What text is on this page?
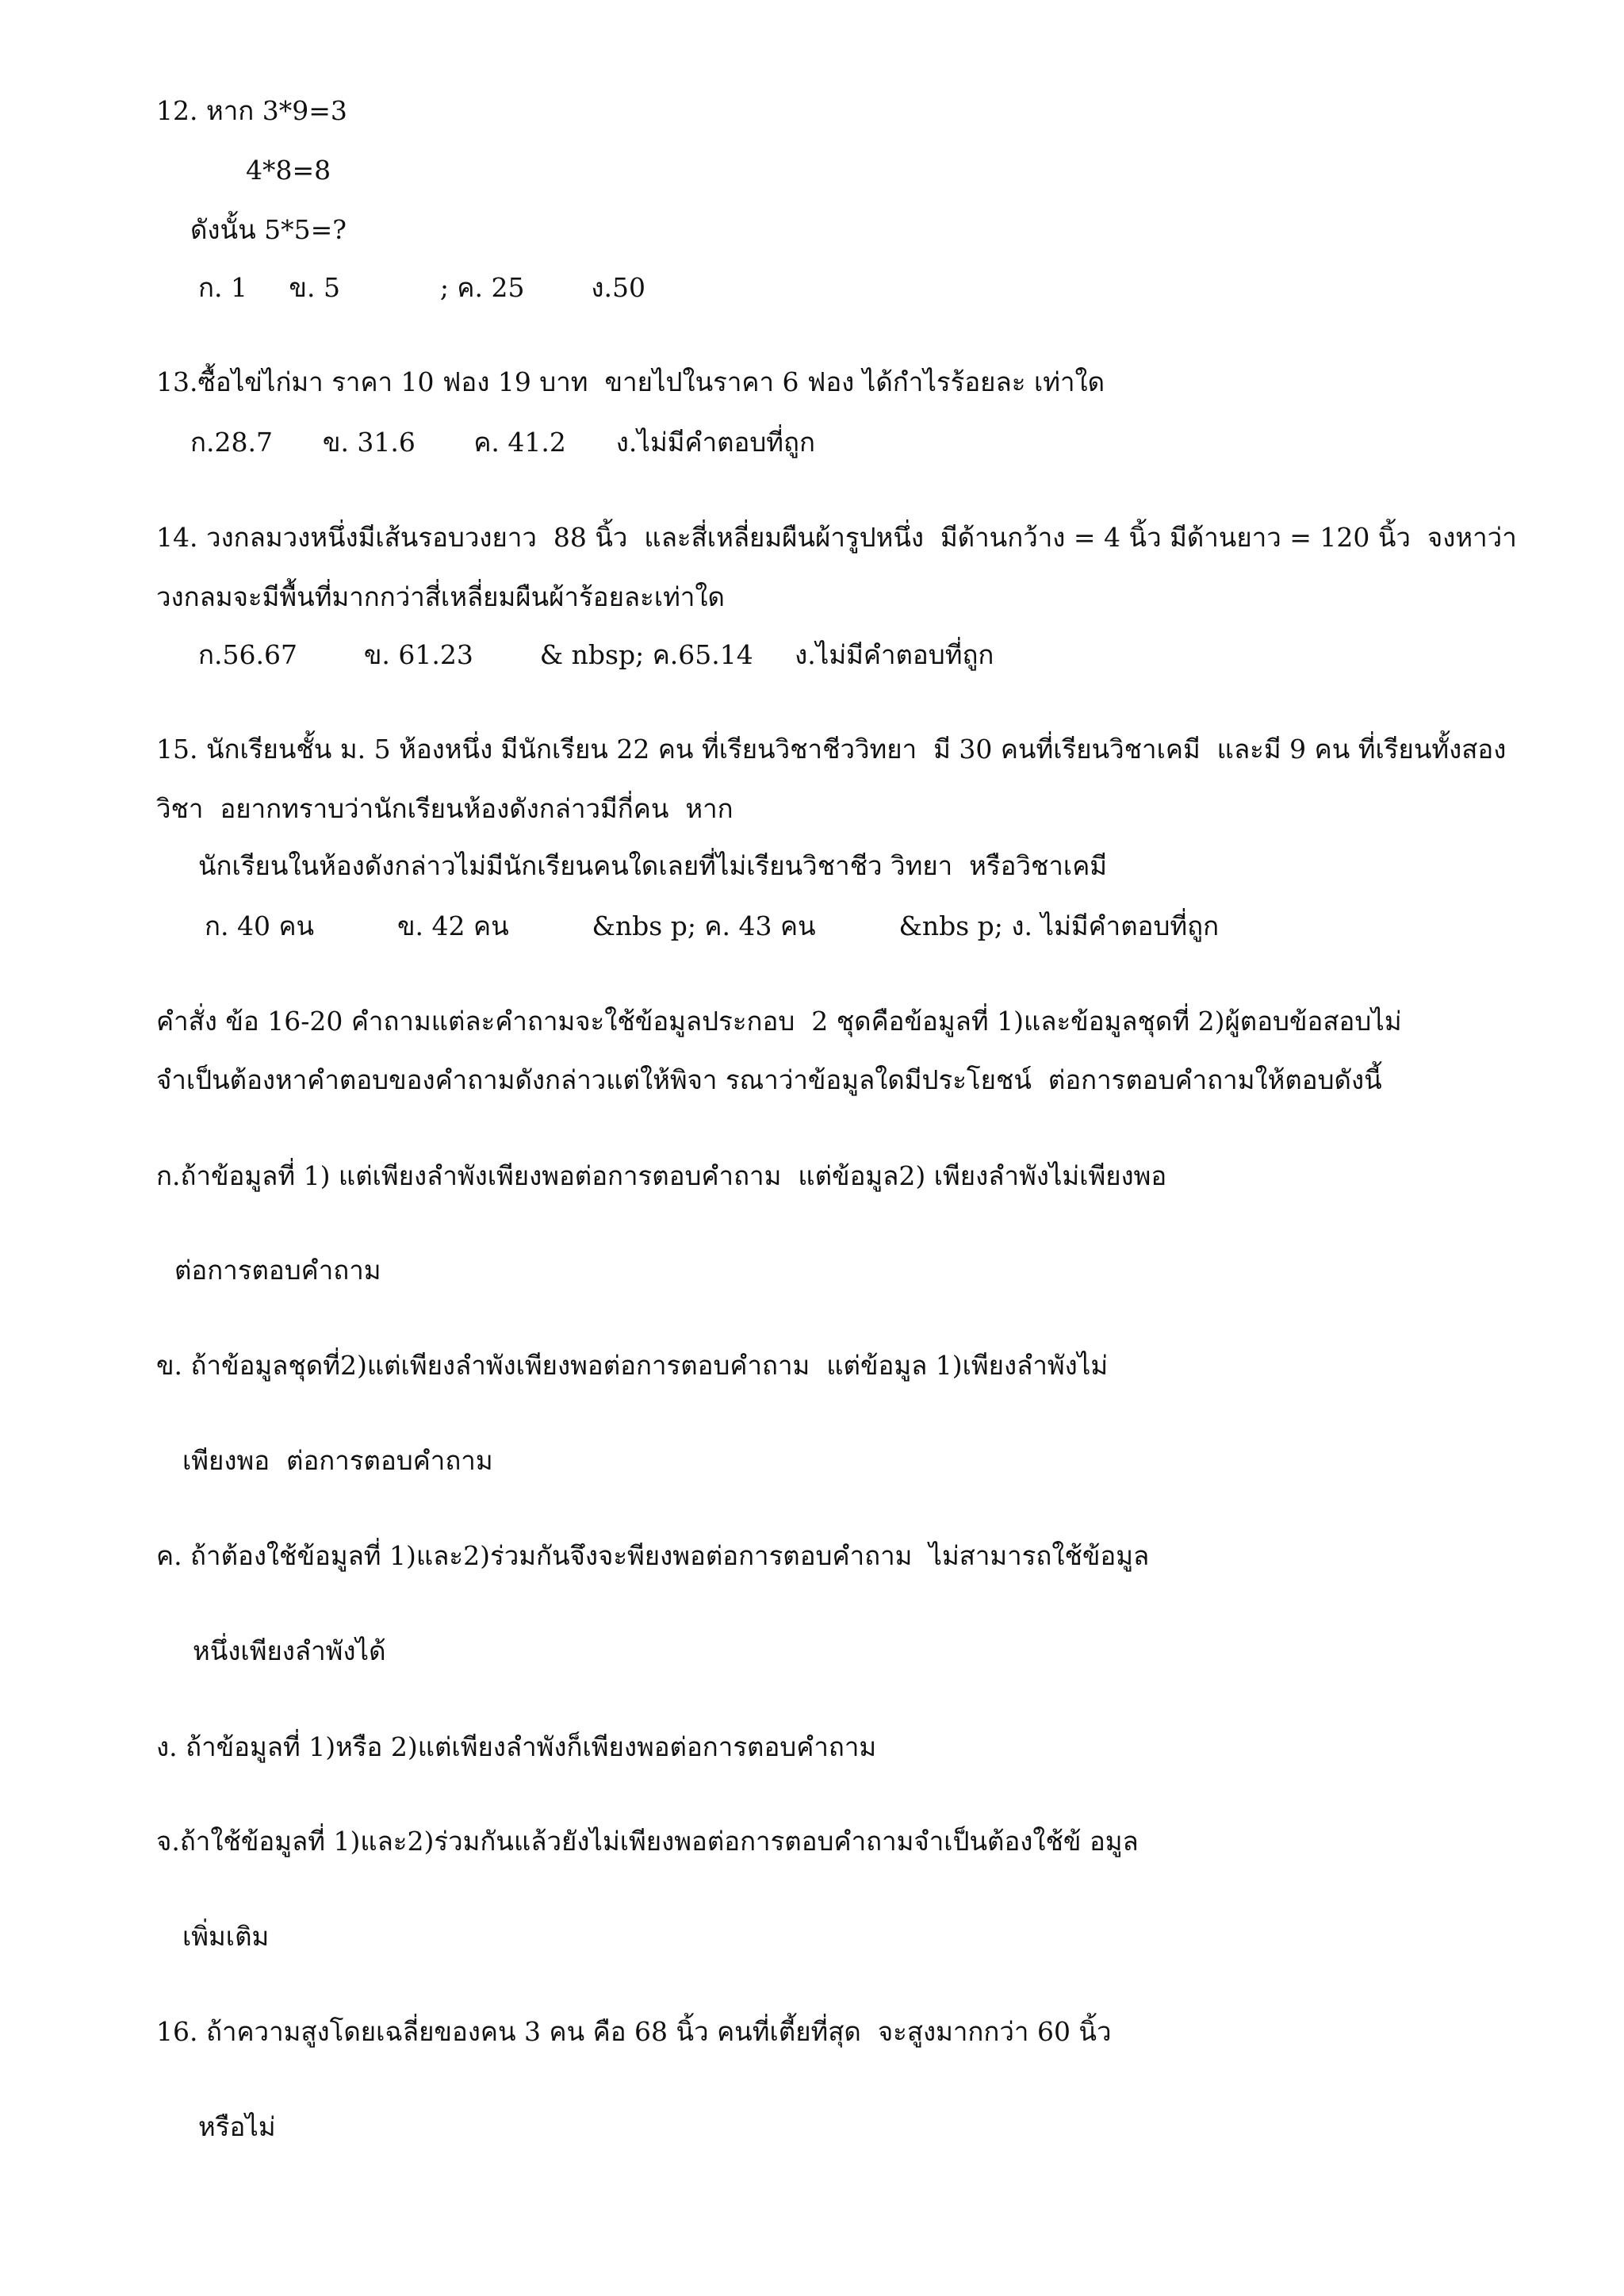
12. หาก 3*9=3
4*8=8
ดังนั้น 5*5=?
ก. 1     ข. 5            ; ค. 25        ง.50
13.ซื้อไข่ไก่มา ราคา 10 ฟอง 19 บาท  ขายไปในราคา 6 ฟอง ได้กำไรร้อยละ เท่าใด
ก.28.7      ข. 31.6       ค. 41.2      ง.ไม่มีคำตอบที่ถูก
14. วงกลมวงหนึ่งมีเส้นรอบวงยาว  88 นิ้ว  และสี่เหลี่ยมผืนผ้ารูปหนึ่ง  มีด้านกว้าง = 4 นิ้ว มีด้านยาว = 120 นิ้ว  จงหาว่า
วงกลมจะมีพื้นที่มากกว่าสี่เหลี่ยมผืนผ้าร้อยละเท่าใด
ก.56.67        ข. 61.23        & nbsp; ค.65.14     ง.ไม่มีคำตอบที่ถูก
15. นักเรียนชั้น ม. 5 ห้องหนึ่ง มีนักเรียน 22 คน ที่เรียนวิชาชีววิทยา  มี 30 คนที่เรียนวิชาเคมี  และมี 9 คน ที่เรียนทั้งสอง
วิชา  อยากทราบว่านักเรียนห้องดังกล่าวมีกี่คน  หาก
นักเรียนในห้องดังกล่าวไม่มีนักเรียนคนใดเลยที่ไม่เรียนวิชาชีว วิทยา  หรือวิชาเคมี
ก. 40 คน          ข. 42 คน          &nbs p; ค. 43 คน          &nbs p; ง. ไม่มีคำตอบที่ถูก
คำสั่ง ข้อ 16-20 คำถามแต่ละคำถามจะใช้ข้อมูลประกอบ  2 ชุดคือข้อมูลที่ 1)และข้อมูลชุดที่ 2)ผู้ตอบข้อสอบไม่
จำเป็นต้องหาคำตอบของคำถามดังกล่าวแต่ให้พิจา รณาว่าข้อมูลใดมีประโยชน์  ต่อการตอบคำถามให้ตอบดังนี้
ก.ถ้าข้อมูลที่ 1) แต่เพียงลำพังเพียงพอต่อการตอบคำถาม  แต่ข้อมูล2) เพียงลำพังไม่เพียงพอ
ต่อการตอบคำถาม
ข. ถ้าข้อมูลชุดที่2)แต่เพียงลำพังเพียงพอต่อการตอบคำถาม  แต่ข้อมูล 1)เพียงลำพังไม่
เพียงพอ  ต่อการตอบคำถาม
ค. ถ้าต้องใช้ข้อมูลที่ 1)และ2)ร่วมกันจึงจะพียงพอต่อการตอบคำถาม  ไม่สามารถใช้ข้อมูล
หนึ่งเพียงลำพังได้
ง. ถ้าข้อมูลที่ 1)หรือ 2)แต่เพียงลำพังก็เพียงพอต่อการตอบคำถาม
จ.ถ้าใช้ข้อมูลที่ 1)และ2)ร่วมกันแล้วยังไม่เพียงพอต่อการตอบคำถามจำเป็นต้องใช้ข้ อมูล
เพิ่มเติม
16. ถ้าความสูงโดยเฉลี่ยของคน 3 คน คือ 68 นิ้ว คนที่เตี้ยที่สุด  จะสูงมากกว่า 60 นิ้ว
หรือไม่
